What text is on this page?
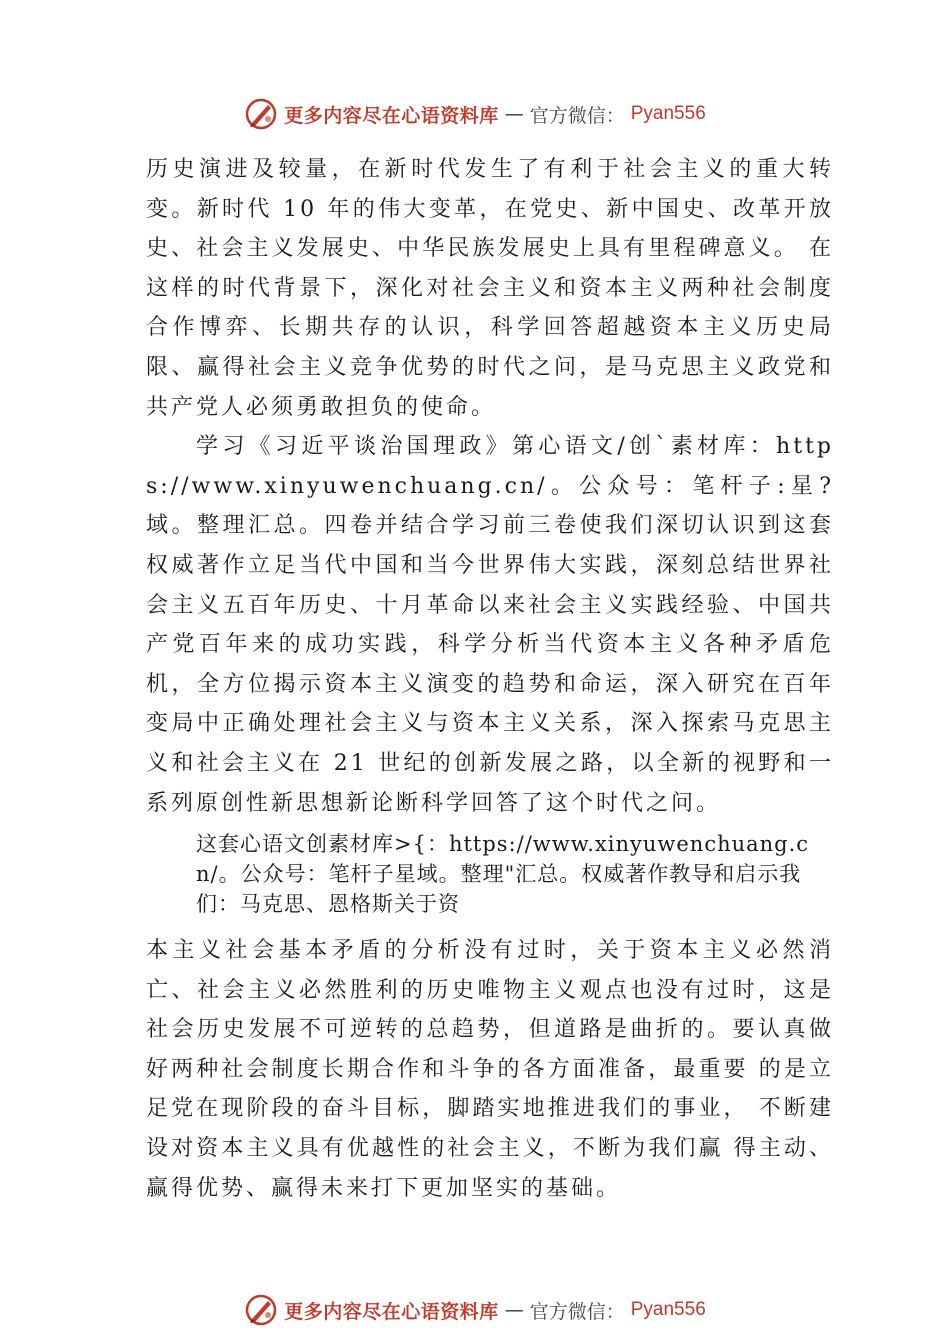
更多内容尽在心语资料库 — 官方微信： Pyan556

历史演进及较量，在新时代发生了有利于社会主义的重大转变。新时代 10 年的伟大变革，在党史、新中国史、改革开放史、社会主义发展史、中华民族发展史上具有里程碑意义。 在这样的时代背景下，深化对社会主义和资本主义两种社会制度合作博弈、长期共存的认识，科学回答超越资本主义历史局限、赢得社会主义竞争优势的时代之问，是马克思主义政党和共产党人必须勇敢担负的使命。

学习《习近平谈治国理政》第心语文/创`素材库：https://www.xinyuwenchuang.cn/。公众号：笔杆子:星?域。整理汇总。四卷并结合学习前三卷使我们深切认识到这套权威著作立足当代中国和当今世界伟大实践，深刻总结世界社会主义五百年历史、十月革命以来社会主义实践经验、中国共产党百年来的成功实践，科学分析当代资本主义各种矛盾危机，全方位揭示资本主义演变的趋势和命运，深入研究在百年变局中正确处理社会主义与资本主义关系，深入探索马克思主义和社会主义在 21 世纪的创新发展之路，以全新的视野和一系列原创性新思想新论断科学回答了这个时代之问。

这套心语文创素材库>{：https://www.xinyuwenchuang.cn/。公众号：笔杆子星域。整理"汇总。权威著作教导和启示我们：马克思、恩格斯关于资

本主义社会基本矛盾的分析没有过时，关于资本主义必然消亡、社会主义必然胜利的历史唯物主义观点也没有过时，这是社会历史发展不可逆转的总趋势，但道路是曲折的。要认真做好两种社会制度长期合作和斗争的各方面准备，最重要 的是立足党在现阶段的奋斗目标，脚踏实地推进我们的事业， 不断建设对资本主义具有优越性的社会主义，不断为我们赢 得主动、赢得优势、赢得未来打下更加坚实的基础。

更多内容尽在心语资料库 — 官方微信： Pyan556
